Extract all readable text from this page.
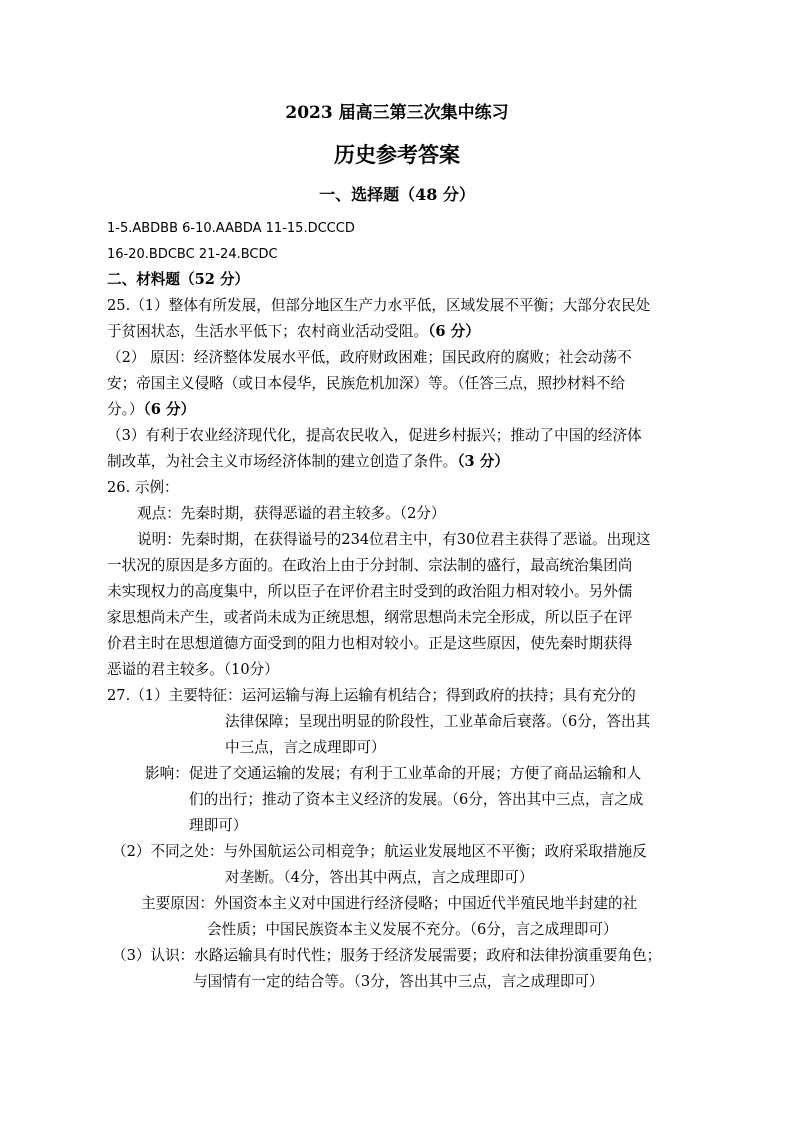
2023 届高三第三次集中练习
历史参考答案
一、选择题（48 分）
1-5.ABDBB 6-10.AABDA 11-15.DCCCD
16-20.BDCBC 21-24.BCDC
二、材料题（52 分）
25.（1）整体有所发展，但部分地区生产力水平低，区域发展不平衡；大部分农民处
于贫困状态，生活水平低下；农村商业活动受阻。（6 分）
（2） 原因：经济整体发展水平低，政府财政困难；国民政府的腐败；社会动荡不
安；帝国主义侵略（或日本侵华，民族危机加深）等。（任答三点，照抄材料不给
分。）（6 分）
（3）有利于农业经济现代化，提高农民收入，促进乡村振兴；推动了中国的经济体
制改革，为社会主义市场经济体制的建立创造了条件。（3 分）
26. 示例：
观点：先秦时期，获得恶谥的君主较多。（2分）
说明：先秦时期，在获得谥号的234位君主中，有30位君主获得了恶谥。出现这
一状况的原因是多方面的。在政治上由于分封制、宗法制的盛行，最高统治集团尚
未实现权力的高度集中，所以臣子在评价君主时受到的政治阻力相对较小。另外儒
家思想尚未产生，或者尚未成为正统思想，纲常思想尚未完全形成，所以臣子在评
价君主时在思想道德方面受到的阻力也相对较小。正是这些原因，使先秦时期获得
恶谥的君主较多。（10分）
27.（1）主要特征：运河运输与海上运输有机结合；得到政府的扶持；具有充分的
法律保障；呈现出明显的阶段性，工业革命后衰落。（6分，答出其
中三点，言之成理即可）
影响：促进了交通运输的发展；有利于工业革命的开展；方便了商品运输和人
们的出行；推动了资本主义经济的发展。（6分，答出其中三点，言之成
理即可）
（2）不同之处：与外国航运公司相竞争；航运业发展地区不平衡；政府采取措施反
对垄断。（4分，答出其中两点，言之成理即可）
主要原因：外国资本主义对中国进行经济侵略；中国近代半殖民地半封建的社
会性质；中国民族资本主义发展不充分。（6分，言之成理即可）
（3）认识：水路运输具有时代性；服务于经济发展需要；政府和法律扮演重要角色；
与国情有一定的结合等。（3分，答出其中三点，言之成理即可）
